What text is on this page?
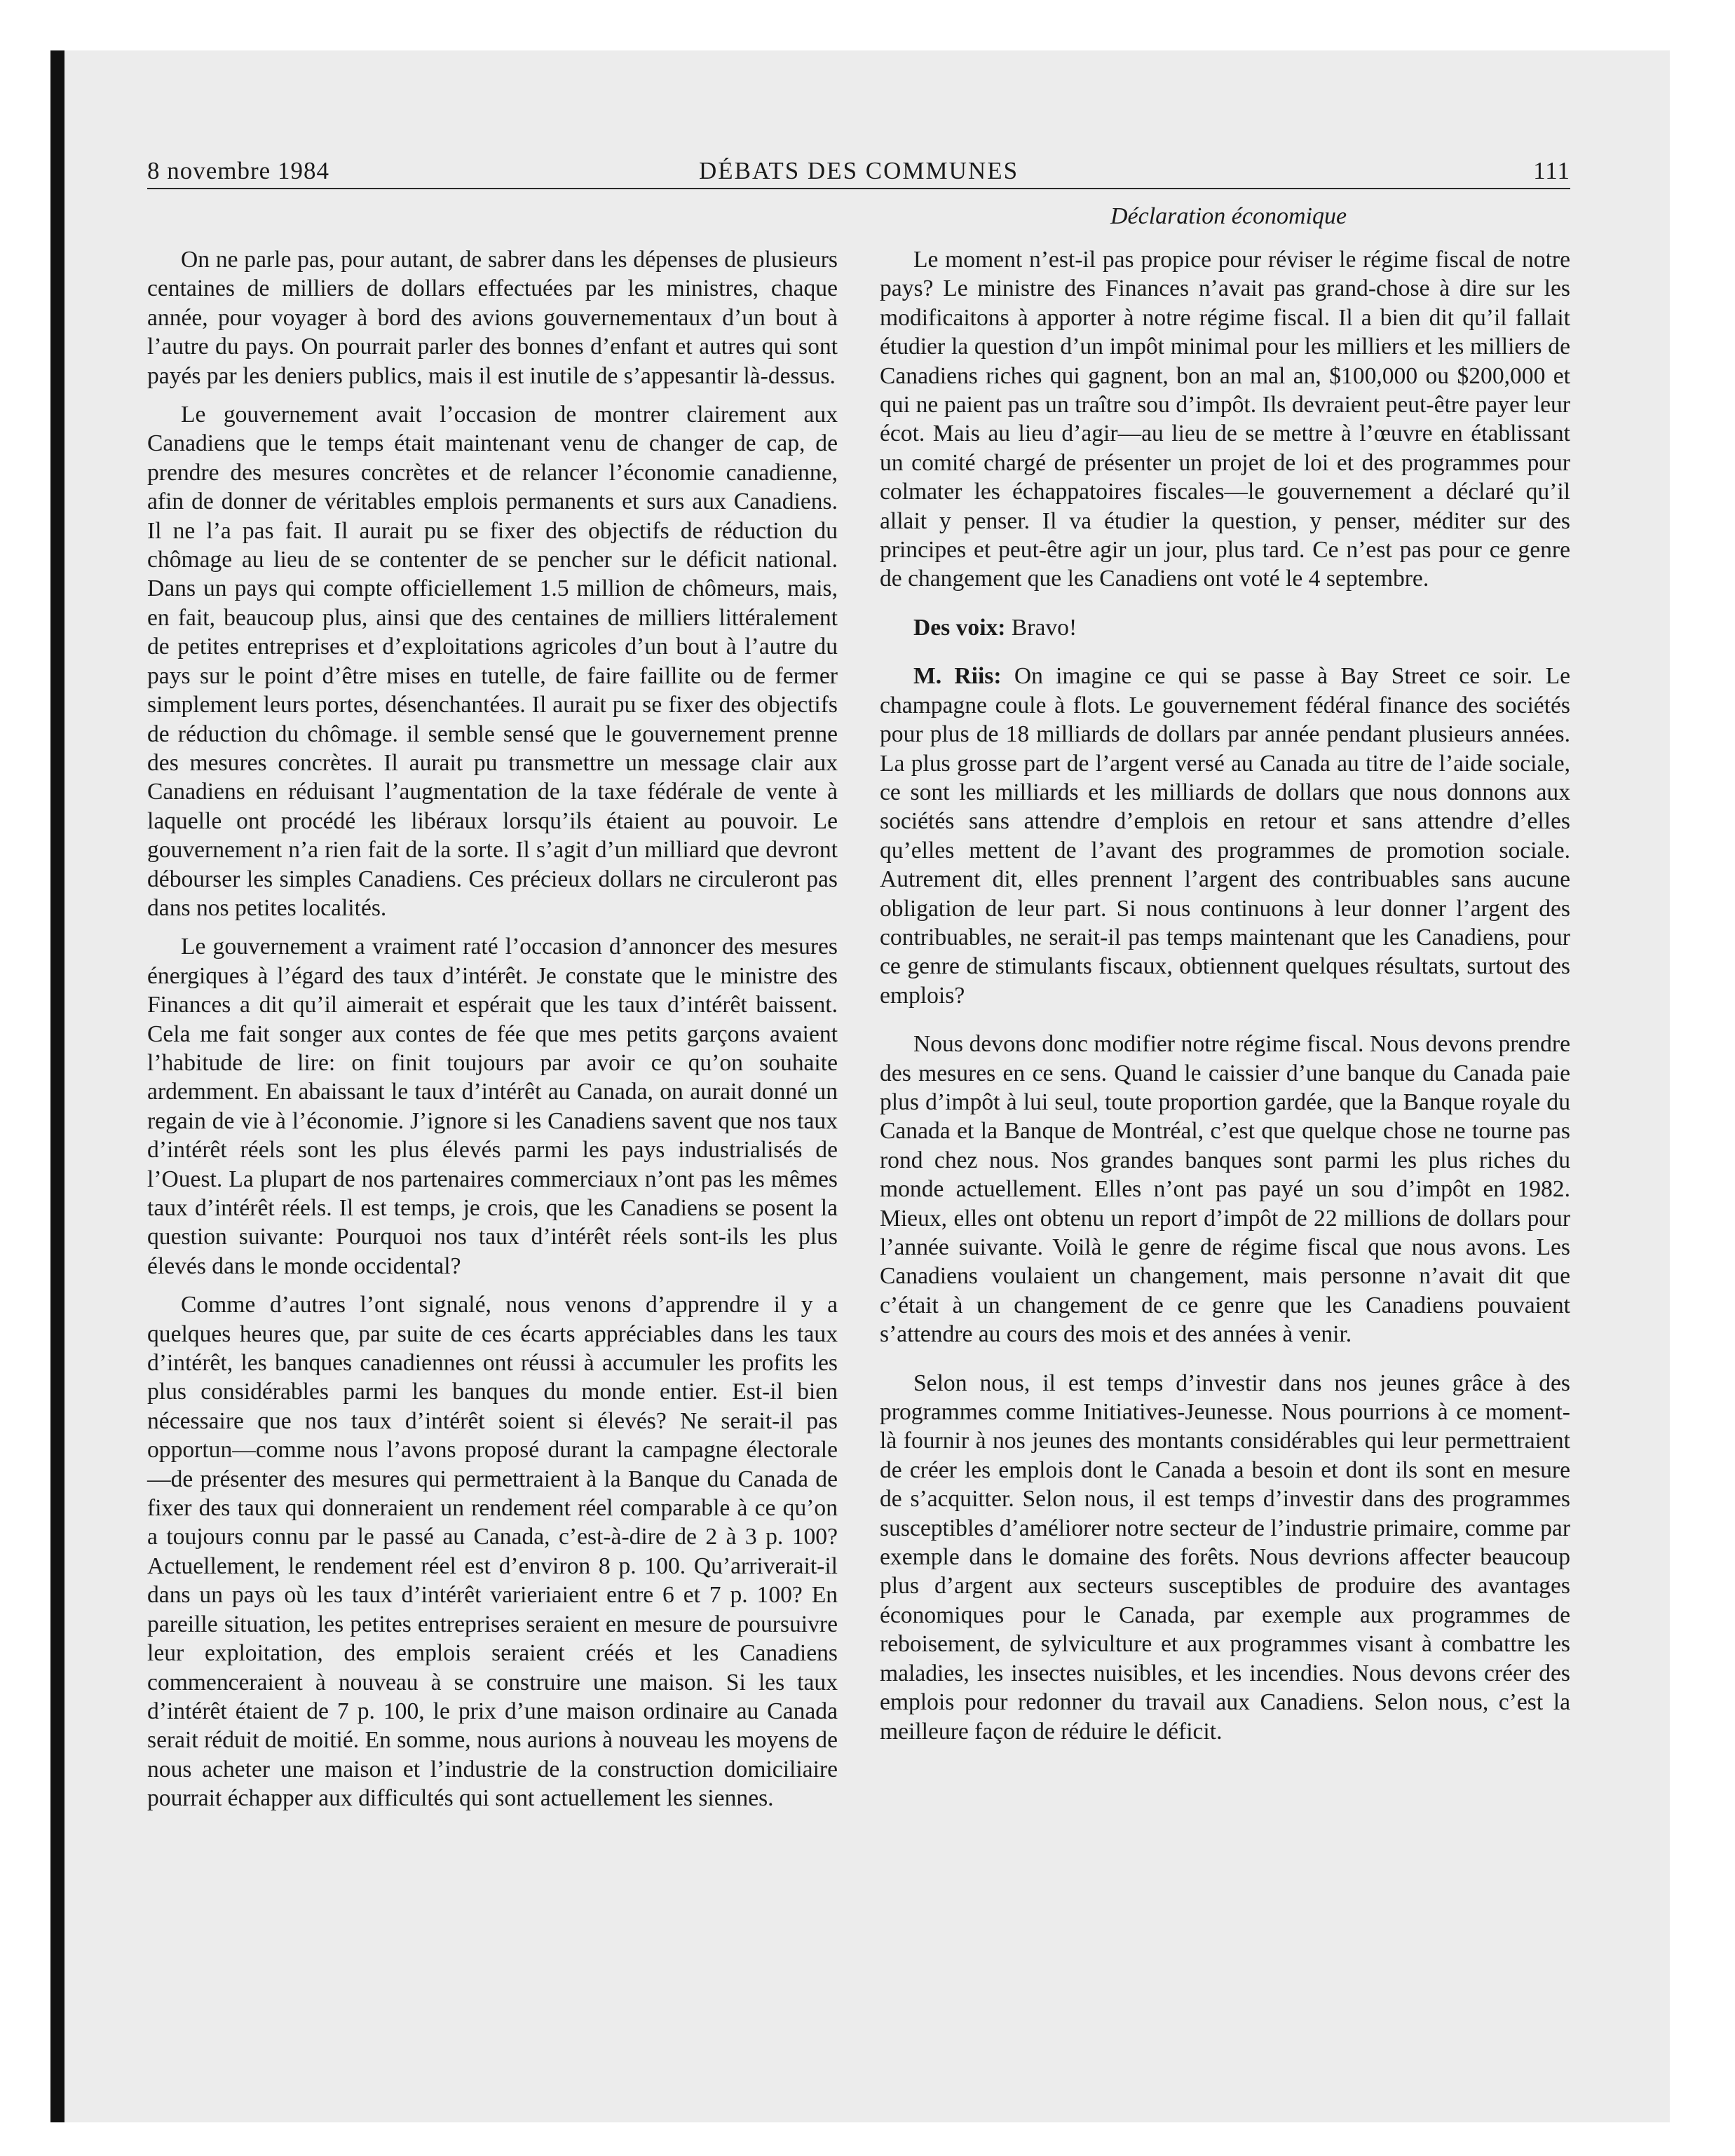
8 novembre 1984	DÉBATS DES COMMUNES	111
Déclaration économique

On ne parle pas, pour autant, de sabrer dans les dépenses de plusieurs centaines de milliers de dollars effectuées par les ministres, chaque année, pour voyager à bord des avions gouvernementaux d’un bout à l’autre du pays. On pourrait parler des bonnes d’enfant et autres qui sont payés par les deniers publics, mais il est inutile de s’appesantir là-dessus.

Le gouvernement avait l’occasion de montrer clairement aux Canadiens que le temps était maintenant venu de changer de cap, de prendre des mesures concrètes et de relancer l’économie canadienne, afin de donner de véritables emplois permanents et surs aux Canadiens. Il ne l’a pas fait. Il aurait pu se fixer des objectifs de réduction du chômage au lieu de se contenter de se pencher sur le déficit national. Dans un pays qui compte officiellement 1.5 million de chômeurs, mais, en fait, beaucoup plus, ainsi que des centaines de milliers littéralement de petites entreprises et d’exploitations agricoles d’un bout à l’autre du pays sur le point d’être mises en tutelle, de faire faillite ou de fermer simplement leurs portes, désenchantées. Il aurait pu se fixer des objectifs de réduction du chômage. il semble sensé que le gouvernement prenne des mesures concrètes. Il aurait pu transmettre un message clair aux Canadiens en réduisant l’augmentation de la taxe fédérale de vente à laquelle ont procédé les libéraux lorsqu’ils étaient au pouvoir. Le gouvernement n’a rien fait de la sorte. Il s’agit d’un milliard que devront débourser les simples Canadiens. Ces précieux dollars ne circuleront pas dans nos petites localités.

Le gouvernement a vraiment raté l’occasion d’annoncer des mesures énergiques à l’égard des taux d’intérêt. Je constate que le ministre des Finances a dit qu’il aimerait et espérait que les taux d’intérêt baissent. Cela me fait songer aux contes de fée que mes petits garçons avaient l’habitude de lire: on finit toujours par avoir ce qu’on souhaite ardemment. En abaissant le taux d’intérêt au Canada, on aurait donné un regain de vie à l’économie. J’ignore si les Canadiens savent que nos taux d’intérêt réels sont les plus élevés parmi les pays industrialisés de l’Ouest. La plupart de nos partenaires commerciaux n’ont pas les mêmes taux d’intérêt réels. Il est temps, je crois, que les Canadiens se posent la question suivante: Pourquoi nos taux d’intérêt réels sont-ils les plus élevés dans le monde occidental?

Comme d’autres l’ont signalé, nous venons d’apprendre il y a quelques heures que, par suite de ces écarts appréciables dans les taux d’intérêt, les banques canadiennes ont réussi à accumuler les profits les plus considérables parmi les banques du monde entier. Est-il bien nécessaire que nos taux d’intérêt soient si élevés? Ne serait-il pas opportun—comme nous l’avons proposé durant la campagne électorale—de présenter des mesures qui permettraient à la Banque du Canada de fixer des taux qui donneraient un rendement réel comparable à ce qu’on a toujours connu par le passé au Canada, c’est-à-dire de 2 à 3 p. 100? Actuellement, le rendement réel est d’environ 8 p. 100. Qu’arriverait-il dans un pays où les taux d’intérêt varieriaient entre 6 et 7 p. 100? En pareille situation, les petites entreprises seraient en mesure de poursuivre leur exploitation, des emplois seraient créés et les Canadiens commenceraient à nouveau à se construire une maison. Si les taux d’intérêt étaient de 7 p. 100, le prix d’une maison ordinaire au Canada serait réduit de moitié. En somme, nous aurions à nouveau les moyens de nous acheter une maison et l’industrie de la construction domiciliaire pourrait échapper aux difficultés qui sont actuellement les siennes.

Le moment n’est-il pas propice pour réviser le régime fiscal de notre pays? Le ministre des Finances n’avait pas grand-chose à dire sur les modificaitons à apporter à notre régime fiscal. Il a bien dit qu’il fallait étudier la question d’un impôt minimal pour les milliers et les milliers de Canadiens riches qui gagnent, bon an mal an, $100,000 ou $200,000 et qui ne paient pas un traître sou d’impôt. Ils devraient peut-être payer leur écot. Mais au lieu d’agir—au lieu de se mettre à l’œuvre en établissant un comité chargé de présenter un projet de loi et des programmes pour colmater les échappatoires fiscales—le gouvernement a déclaré qu’il allait y penser. Il va étudier la question, y penser, méditer sur des principes et peut-être agir un jour, plus tard. Ce n’est pas pour ce genre de changement que les Canadiens ont voté le 4 septembre.

Des voix: Bravo!

M. Riis: On imagine ce qui se passe à Bay Street ce soir. Le champagne coule à flots. Le gouvernement fédéral finance des sociétés pour plus de 18 milliards de dollars par année pendant plusieurs années. La plus grosse part de l’argent versé au Canada au titre de l’aide sociale, ce sont les milliards et les milliards de dollars que nous donnons aux sociétés sans attendre d’emplois en retour et sans attendre d’elles qu’elles mettent de l’avant des programmes de promotion sociale. Autrement dit, elles prennent l’argent des contribuables sans aucune obligation de leur part. Si nous continuons à leur donner l’argent des contribuables, ne serait-il pas temps maintenant que les Canadiens, pour ce genre de stimulants fiscaux, obtiennent quelques résultats, surtout des emplois?

Nous devons donc modifier notre régime fiscal. Nous devons prendre des mesures en ce sens. Quand le caissier d’une banque du Canada paie plus d’impôt à lui seul, toute proportion gardée, que la Banque royale du Canada et la Banque de Montréal, c’est que quelque chose ne tourne pas rond chez nous. Nos grandes banques sont parmi les plus riches du monde actuellement. Elles n’ont pas payé un sou d’impôt en 1982. Mieux, elles ont obtenu un report d’impôt de 22 millions de dollars pour l’année suivante. Voilà le genre de régime fiscal que nous avons. Les Canadiens voulaient un changement, mais personne n’avait dit que c’était à un changement de ce genre que les Canadiens pouvaient s’attendre au cours des mois et des années à venir.

Selon nous, il est temps d’investir dans nos jeunes grâce à des programmes comme Initiatives-Jeunesse. Nous pourrions à ce moment-là fournir à nos jeunes des montants considérables qui leur permettraient de créer les emplois dont le Canada a besoin et dont ils sont en mesure de s’acquitter. Selon nous, il est temps d’investir dans des programmes susceptibles d’améliorer notre secteur de l’industrie primaire, comme par exemple dans le domaine des forêts. Nous devrions affecter beaucoup plus d’argent aux secteurs susceptibles de produire des avantages économiques pour le Canada, par exemple aux programmes de reboisement, de sylviculture et aux programmes visant à combattre les maladies, les insectes nuisibles, et les incendies. Nous devons créer des emplois pour redonner du travail aux Canadiens. Selon nous, c’est la meilleure façon de réduire le déficit.
